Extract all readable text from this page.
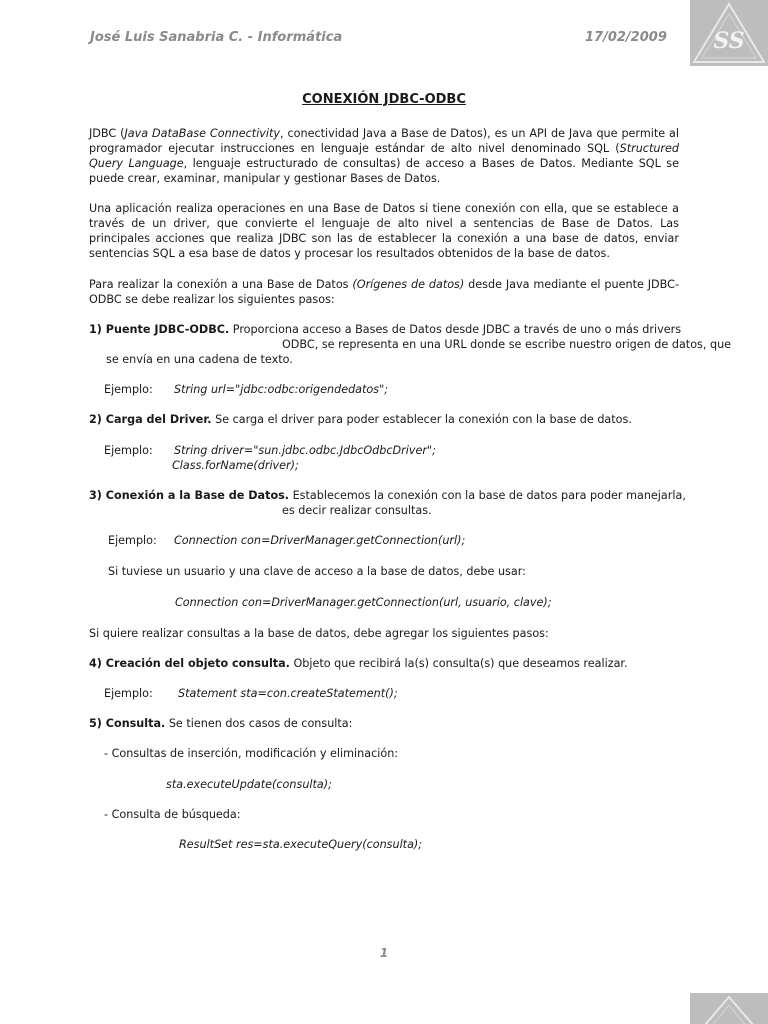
José Luis Sanabria C. - Informática	17/02/2009 SS
CONEXIÓN JDBC-ODBC
JDBC (Java DataBase Connectivity, conectividad Java a Base de Datos), es un API de Java que permite al programador ejecutar instrucciones en lenguaje estándar de alto nivel denominado SQL (Structured Query Language, lenguaje estructurado de consultas) de acceso a Bases de Datos. Mediante SQL se puede crear, examinar, manipular y gestionar Bases de Datos.
Una aplicación realiza operaciones en una Base de Datos si tiene conexión con ella, que se establece a través de un driver, que convierte el lenguaje de alto nivel a sentencias de Base de Datos. Las principales acciones que realiza JDBC son las de establecer la conexión a una base de datos, enviar sentencias SQL a esa base de datos y procesar los resultados obtenidos de la base de datos.
Para realizar la conexión a una Base de Datos (Orígenes de datos) desde Java mediante el puente JDBC-ODBC se debe realizar los siguientes pasos:
1) Puente JDBC-ODBC. Proporciona acceso a Bases de Datos desde JDBC a través de uno o más drivers
ODBC, se representa en una URL donde se escribe nuestro origen de datos, que
se envía en una cadena de texto.
Ejemplo: String url="jdbc:odbc:origendedatos";
2) Carga del Driver. Se carga el driver para poder establecer la conexión con la base de datos.
Ejemplo: String driver="sun.jdbc.odbc.JdbcOdbcDriver";
Class.forName(driver);
3) Conexión a la Base de Datos. Establecemos la conexión con la base de datos para poder manejarla,
es decir realizar consultas.
Ejemplo: Connection con=DriverManager.getConnection(url);
Si tuviese un usuario y una clave de acceso a la base de datos, debe usar:
Connection con=DriverManager.getConnection(url, usuario, clave);
Si quiere realizar consultas a la base de datos, debe agregar los siguientes pasos:
4) Creación del objeto consulta. Objeto que recibirá la(s) consulta(s) que deseamos realizar.
Ejemplo: Statement sta=con.createStatement();
5) Consulta. Se tienen dos casos de consulta:
- Consultas de inserción, modificación y eliminación:
sta.executeUpdate(consulta);
- Consulta de búsqueda:
ResultSet res=sta.executeQuery(consulta);
1
